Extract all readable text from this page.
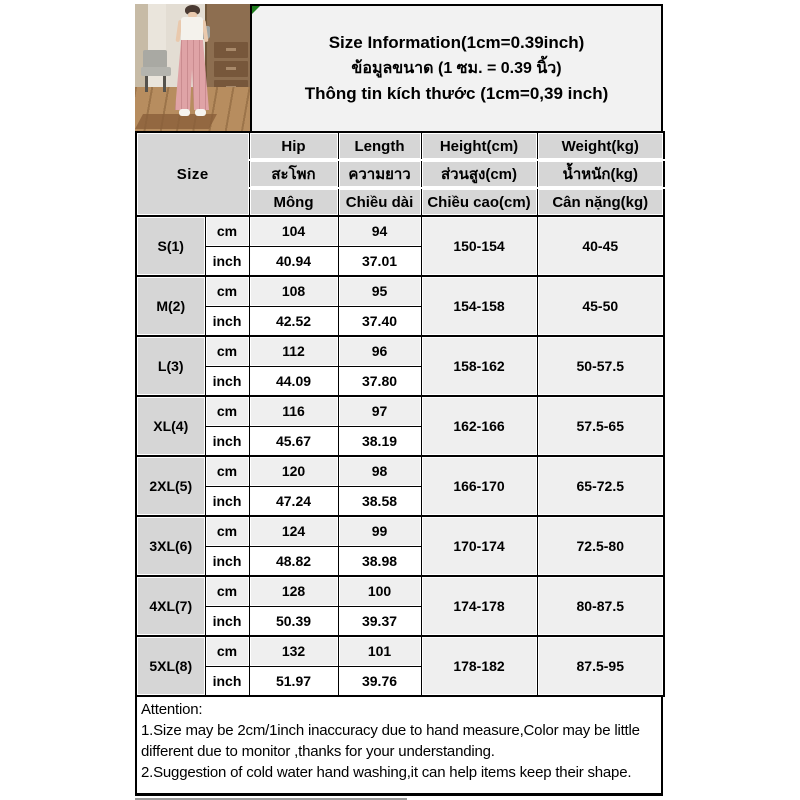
Size Information(1cm=0.39inch)
ข้อมูลขนาด (1 ซม. = 0.39 นิ้ว)
Thông tin kích thước (1cm=0,39 inch)
Size		Hip	Length	Height(cm)	Weight(kg)
		สะโพก	ความยาว	ส่วนสูง(cm)	น้ำหนัก(kg)
		Mông	Chiều dài	Chiều cao(cm)	Cân nặng(kg)
S(1)	cm	104	94	150-154	40-45
	inch	40.94	37.01		
M(2)	cm	108	95	154-158	45-50
	inch	42.52	37.40		
L(3)	cm	112	96	158-162	50-57.5
	inch	44.09	37.80		
XL(4)	cm	116	97	162-166	57.5-65
	inch	45.67	38.19		
2XL(5)	cm	120	98	166-170	65-72.5
	inch	47.24	38.58		
3XL(6)	cm	124	99	170-174	72.5-80
	inch	48.82	38.98		
4XL(7)	cm	128	100	174-178	80-87.5
	inch	50.39	39.37		
5XL(8)	cm	132	101	178-182	87.5-95
	inch	51.97	39.76		
Attention:
1.Size may be 2cm/1inch inaccuracy due to hand measure,Color may be little different due to monitor ,thanks for your understanding.
2.Suggestion of cold water hand washing,it can help items keep their shape.
